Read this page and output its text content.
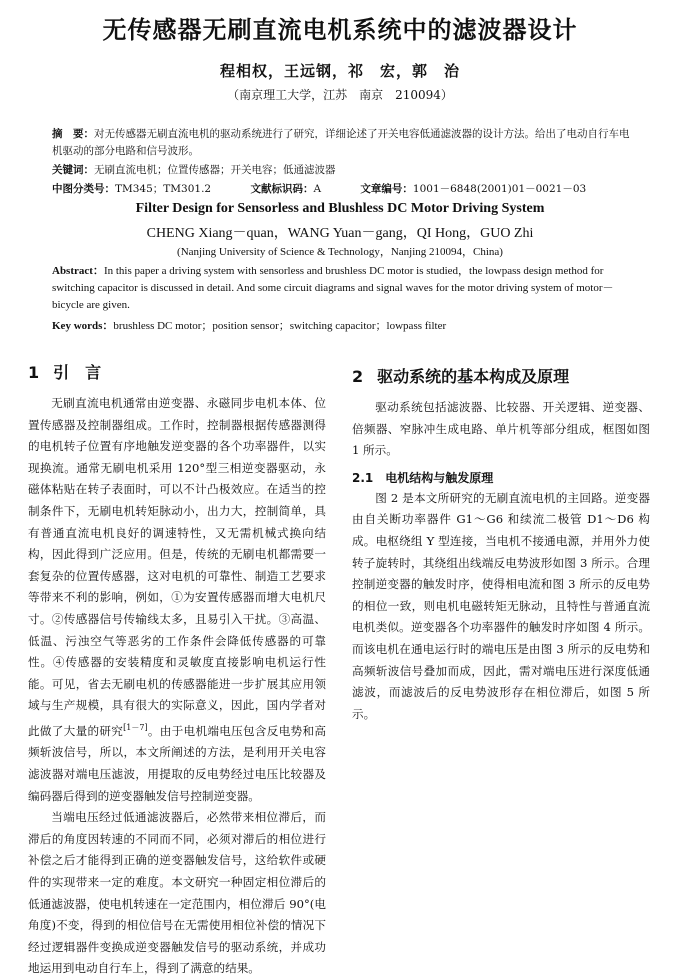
无传感器无刷直流电机系统中的滤波器设计
程相权，王远钢，祁　宏，郭　治
（南京理工大学，江苏　南京　210094）
摘　要：对无传感器无刷直流电机的驱动系统进行了研究，详细论述了开关电容低通滤波器的设计方法。给出了电动自行车电机驱动的部分电路和信号波形。
关键词：无刷直流电机；位置传感器；开关电容；低通滤波器
中图分类号：TM345；TM301.2	文献标识码：A	文章编号：1001－6848(2001)01－0021－03
Filter Design for Sensorless and Blushless DC Motor Driving System
CHENG Xiang－quan，WANG Yuan－gang，QI Hong，GUO Zhi
(Nanjing University of Science & Technology，Nanjing 210094，China)
Abstract：In this paper a driving system with sensorless and brushless DC motor is studied，the lowpass design method for switching capacitor is discussed in detail. And some circuit diagrams and signal waves for the motor driving system of motor－bicycle are given.
Key words：brushless DC motor；position sensor；switching capacitor；lowpass filter
1 引　言

无刷直流电机通常由逆变器、永磁同步电机本体、位置传感器及控制器组成。工作时，控制器根据传感器测得的电机转子位置有序地触发逆变器的各个功率器件，以实现换流。通常无刷电机采用 120°型三相逆变器驱动，永磁体粘贴在转子表面时，可以不计凸极效应。在适当的控制条件下，无刷电机转矩脉动小，出力大，控制简单，具有普通直流电机良好的调速特性，又无需机械式换向结构，因此得到广泛应用。但是，传统的无刷电机都需要一套复杂的位置传感器，这对电机的可靠性、制造工艺要求等带来不利的影响，例如，①为安置传感器而增大电机尺寸。②传感器信号传输线太多，且易引入干扰。③高温、低温、污浊空气等恶劣的工作条件会降低传感器的可靠性。④传感器的安装精度和灵敏度直接影响电机运行性能。可见，省去无刷电机的传感器能进一步扩展其应用领域与生产规模，具有很大的实际意义，因此，国内学者对此做了大量的研究[1－7]。由于电机端电压包含反电势和高频斩波信号，所以，本文所阐述的方法，是利用开关电容滤波器对端电压滤波，用提取的反电势经过电压比较器及编码器后得到的逆变器触发信号控制逆变器。

当端电压经过低通滤波器后，必然带来相位滞后，而滞后的角度因转速的不同而不同，必须对滞后的相位进行补偿之后才能得到正确的逆变器触发信号，这给软件或硬件的实现带来一定的难度。本文研究一种固定相位滞后的低通滤波器，使电机转速在一定范围内，相位滞后 90°(电角度)不变，得到的相位信号在无需使用相位补偿的情况下经过逻辑器件变换成逆变器触发信号的驱动系统，并成功地运用到电动自行车上，得到了满意的结果。

2 驱动系统的基本构成及原理

驱动系统包括滤波器、比较器、开关逻辑、逆变器、倍频器、窄脉冲生成电路、单片机等部分组成，框图如图 1 所示。

2.1 电机结构与触发原理

图 2 是本文所研究的无刷直流电机的主回路。逆变器由自关断功率器件 G1～G6 和续流二极管 D1～D6 构成。电枢绕组 Y 型连接，当电机不接通电源，并用外力使转子旋转时，其绕组出线端反电势波形如图 3 所示。合理控制逆变器的触发时序，使得相电流和图 3 所示的反电势的相位一致，则电机电磁转矩无脉动，且特性与普通直流电机类似。逆变器各个功率器件的触发时序如图 4 所示。而该电机在通电运行时的端电压是由图 3 所示的反电势和高频斩波信号叠加而成，因此，需对端电压进行深度低通滤波，而滤波后的反电势波形存在相位滞后，如图 5 所示。
